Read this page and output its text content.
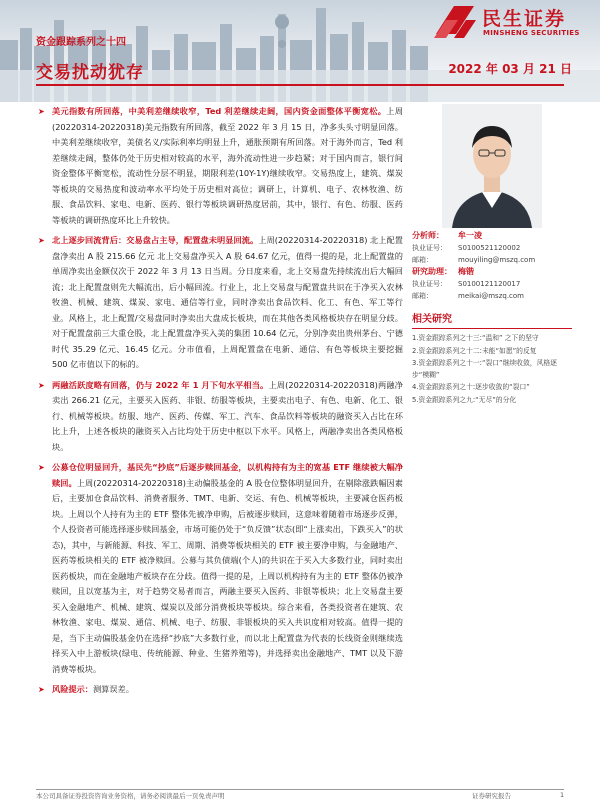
资金跟踪系列之十四
交易扰动犹存	2022 年 03 月 21 日
民生证券
MINSHENG SECURITIES
➤ 美元指数有所回落，中美利差继续收窄，Ted 利差继续走阔，国内资金面整体平衡宽松。上周(20220314-20220318)美元指数有所回落，截至 2022 年 3 月 15 日，净多头头寸明显回落。中美利差继续收窄，美债名义/实际利率均明显上升，通胀预期有所回落。对于海外而言，Ted 利差继续走阔，整体仍处于历史相对较高的水平，海外流动性进一步趋紧；对于国内而言，银行间资金整体平衡宽松，流动性分层不明显，期限利差(10Y-1Y)继续收窄。交易热度上，建筑、煤炭等板块的交易热度和波动率水平均处于历史相对高位；调研上，计算机、电子、农林牧渔、纺服、食品饮料、家电、电新、医药、银行等板块调研热度居前，其中，银行、有色、纺服、医药等板块的调研热度环比上升较快。
➤ 北上逐步回流背后：交易盘占主导，配置盘未明显回流。上周(20220314-20220318) 北上配置盘净卖出 A 股 215.66 亿元 北上交易盘净买入 A 股 64.67 亿元，值得一提的是，北上配置盘的单周净卖出金额仅次于 2022 年 3 月 13 日当周。分日度来看，北上交易盘先持续流出后大幅回流；北上配置盘则先大幅流出，后小幅回流。行业上，北上交易盘与配置盘共识在于净买入农林牧渔、机械、建筑、煤炭、家电、通信等行业，同时净卖出食品饮料、化工、有色、军工等行业。风格上，北上配置/交易盘同时净卖出大盘成长板块，而在其他各类风格板块存在明显分歧。对于配置盘前三大重仓股，北上配置盘净买入美的集团 10.64 亿元，分别净卖出贵州茅台、宁德时代 35.29 亿元、16.45 亿元。分市值看，上周配置盘在电新、通信、有色等板块主要挖掘 500 亿市值以下的标的。
➤ 两融活跃度略有回落，仍与 2022 年 1 月下旬水平相当。上周(20220314-20220318)两融净卖出 266.21 亿元，主要买入医药、非银、纺服等板块，主要卖出电子、有色、电新、化工、银行、机械等板块。纺服、地产、医药、传媒、军工、汽车、食品饮料等板块的融资买入占比在环比上升，上述各板块的融资买入占比均处于历史中枢以下水平。风格上，两融净卖出各类风格板块。
➤ 公募仓位明显回升，基民先“抄底”后逐步赎回基金，以机构持有为主的宽基 ETF 继续被大幅净赎回。上周(20220314-20220318)主动偏股基金的 A 股仓位整体明显回升，在剔除涨跌幅因素后，主要加仓食品饮料、消费者服务、TMT、电新、交运、有色、机械等板块，主要减仓医药板块。上周以个人持有为主的 ETF 整体先被净申购，后被逐步赎回，这意味着随着市场逐步反弹，个人投资者可能选择逐步赎回基金，市场可能仍处于“负反馈”状态(即“上涨卖出，下跌买入”的状态)，其中，与新能源、科技、军工、周期、消费等板块相关的 ETF 被主要净申购，与金融地产、医药等板块相关的 ETF 被净赎回。公募与其负债端(个人)的共识在于买入大多数行业，同时卖出医药板块，而在金融地产板块存在分歧。值得一提的是，上周以机构持有为主的 ETF 整体仍被净赎回，且以宽基为主，对于趋势交易者而言，两融主要买入医药、非银等板块；北上交易盘主要买入金融地产、机械、建筑、煤炭以及部分消费板块等板块。综合来看，各类投资者在建筑、农林牧渔、家电、煤炭、通信、机械、电子、纺服、非银板块的买入共识度相对较高。值得一提的是，当下主动偏股基金仍在选择“抄底”大多数行业，而以北上配置盘为代表的长线资金则继续选择买入中上游板块(绿电、传统能源、种业、生猪养殖等)，并选择卖出金融地产、TMT 以及下游消费等板块。
➤ 风险提示：测算误差。
分析师： 牟一凌
执业证号： S0100521120002
邮箱：	mouyiling@mszq.com
研究助理： 梅锴
执业证号： S0100121120017
邮箱：	meikai@mszq.com
相关研究
1.资金跟踪系列之十三:“温和” 之下的坚守
2.资金跟踪系列之十二:未能“如愿”的反复
3.资金跟踪系列之十一:“裂口”继续收敛，风格逐步“模糊”
4.资金跟踪系列之十:逐步收敛的“裂口”
5.资金跟踪系列之九:“无尽”的分化
本公司具备证券投资咨询业务资格，请务必阅读最后一页免责声明	证券研究报告	1
